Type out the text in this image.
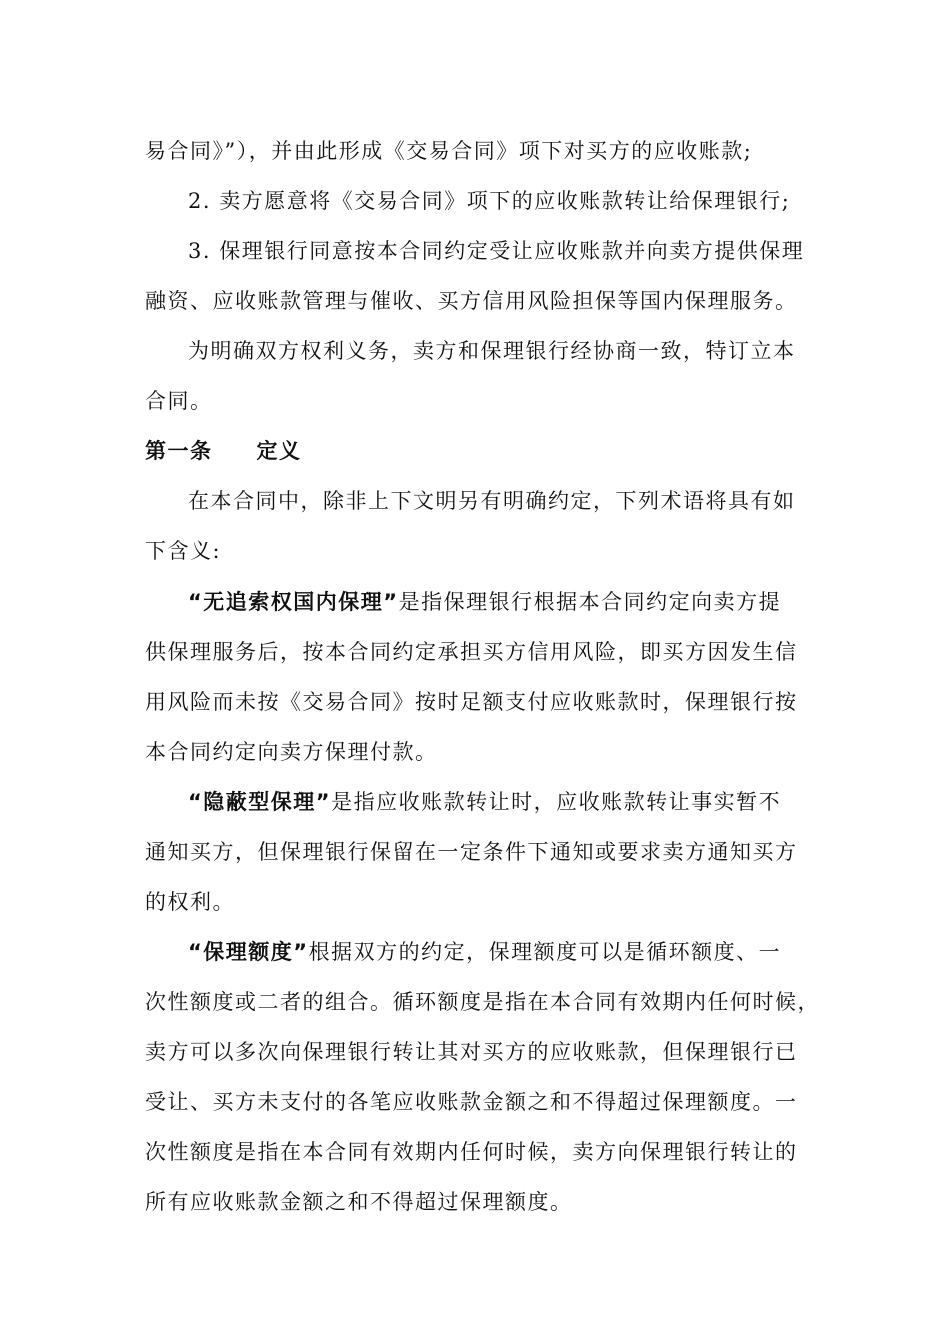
易合同》”），并由此形成《交易合同》项下对买方的应收账款;
2. 卖方愿意将《交易合同》项下的应收账款转让给保理银行;
3. 保理银行同意按本合同约定受让应收账款并向卖方提供保理
融资、应收账款管理与催收、买方信用风险担保等国内保理服务。
为明确双方权利义务，卖方和保理银行经协商一致，特订立本
合同。
第一条 定义
在本合同中，除非上下文明另有明确约定，下列术语将具有如
下含义:
“无追索权国内保理”是指保理银行根据本合同约定向卖方提
供保理服务后，按本合同约定承担买方信用风险，即买方因发生信
用风险而未按《交易合同》按时足额支付应收账款时，保理银行按
本合同约定向卖方保理付款。
“隐蔽型保理”是指应收账款转让时，应收账款转让事实暂不
通知买方，但保理银行保留在一定条件下通知或要求卖方通知买方
的权利。
“保理额度”根据双方的约定，保理额度可以是循环额度、一
次性额度或二者的组合。循环额度是指在本合同有效期内任何时候，
卖方可以多次向保理银行转让其对买方的应收账款，但保理银行已
受让、买方未支付的各笔应收账款金额之和不得超过保理额度。一
次性额度是指在本合同有效期内任何时候，卖方向保理银行转让的
所有应收账款金额之和不得超过保理额度。
